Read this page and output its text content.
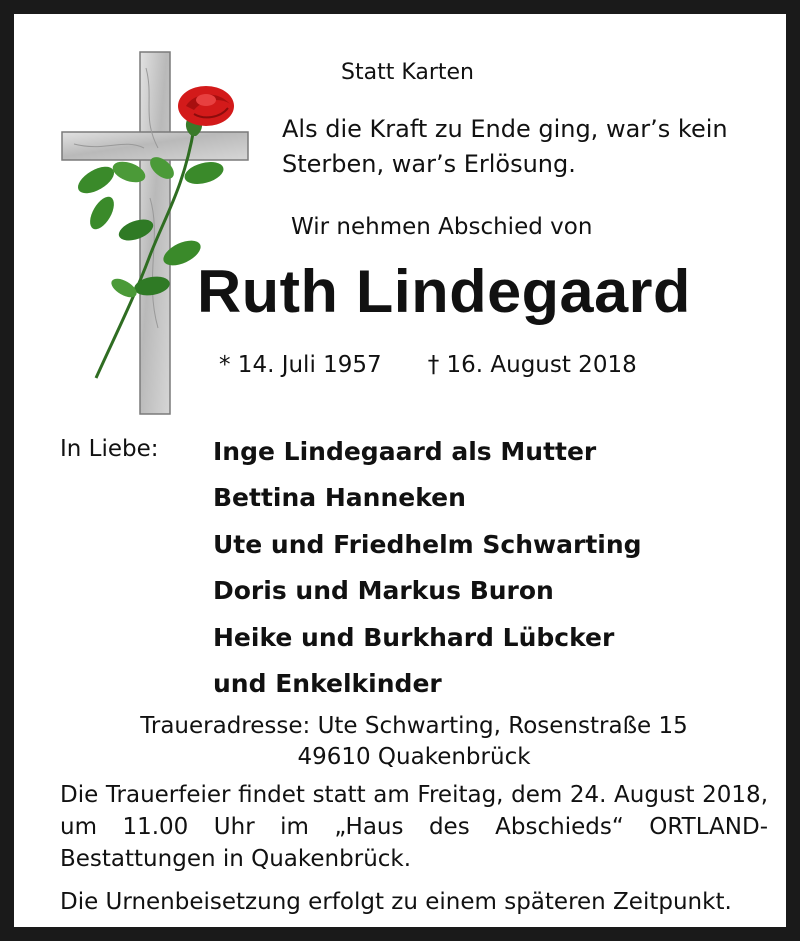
Statt Karten
Als die Kraft zu Ende ging, war’s kein Sterben, war’s Erlösung.
Wir nehmen Abschied von
Ruth Lindegaard
* 14. Juli 1957 † 16. August 2018
In Liebe: Inge Lindegaard als Mutter
Bettina Hanneken
Ute und Friedhelm Schwarting
Doris und Markus Buron
Heike und Burkhard Lübcker
und Enkelkinder
Traueradresse: Ute Schwarting, Rosenstraße 15
49610 Quakenbrück
Die Trauerfeier findet statt am Freitag, dem 24. August 2018, um 11.00 Uhr im „Haus des Abschieds“ ORTLAND-Bestattungen in Quakenbrück.
Die Urnenbeisetzung erfolgt zu einem späteren Zeitpunkt.
